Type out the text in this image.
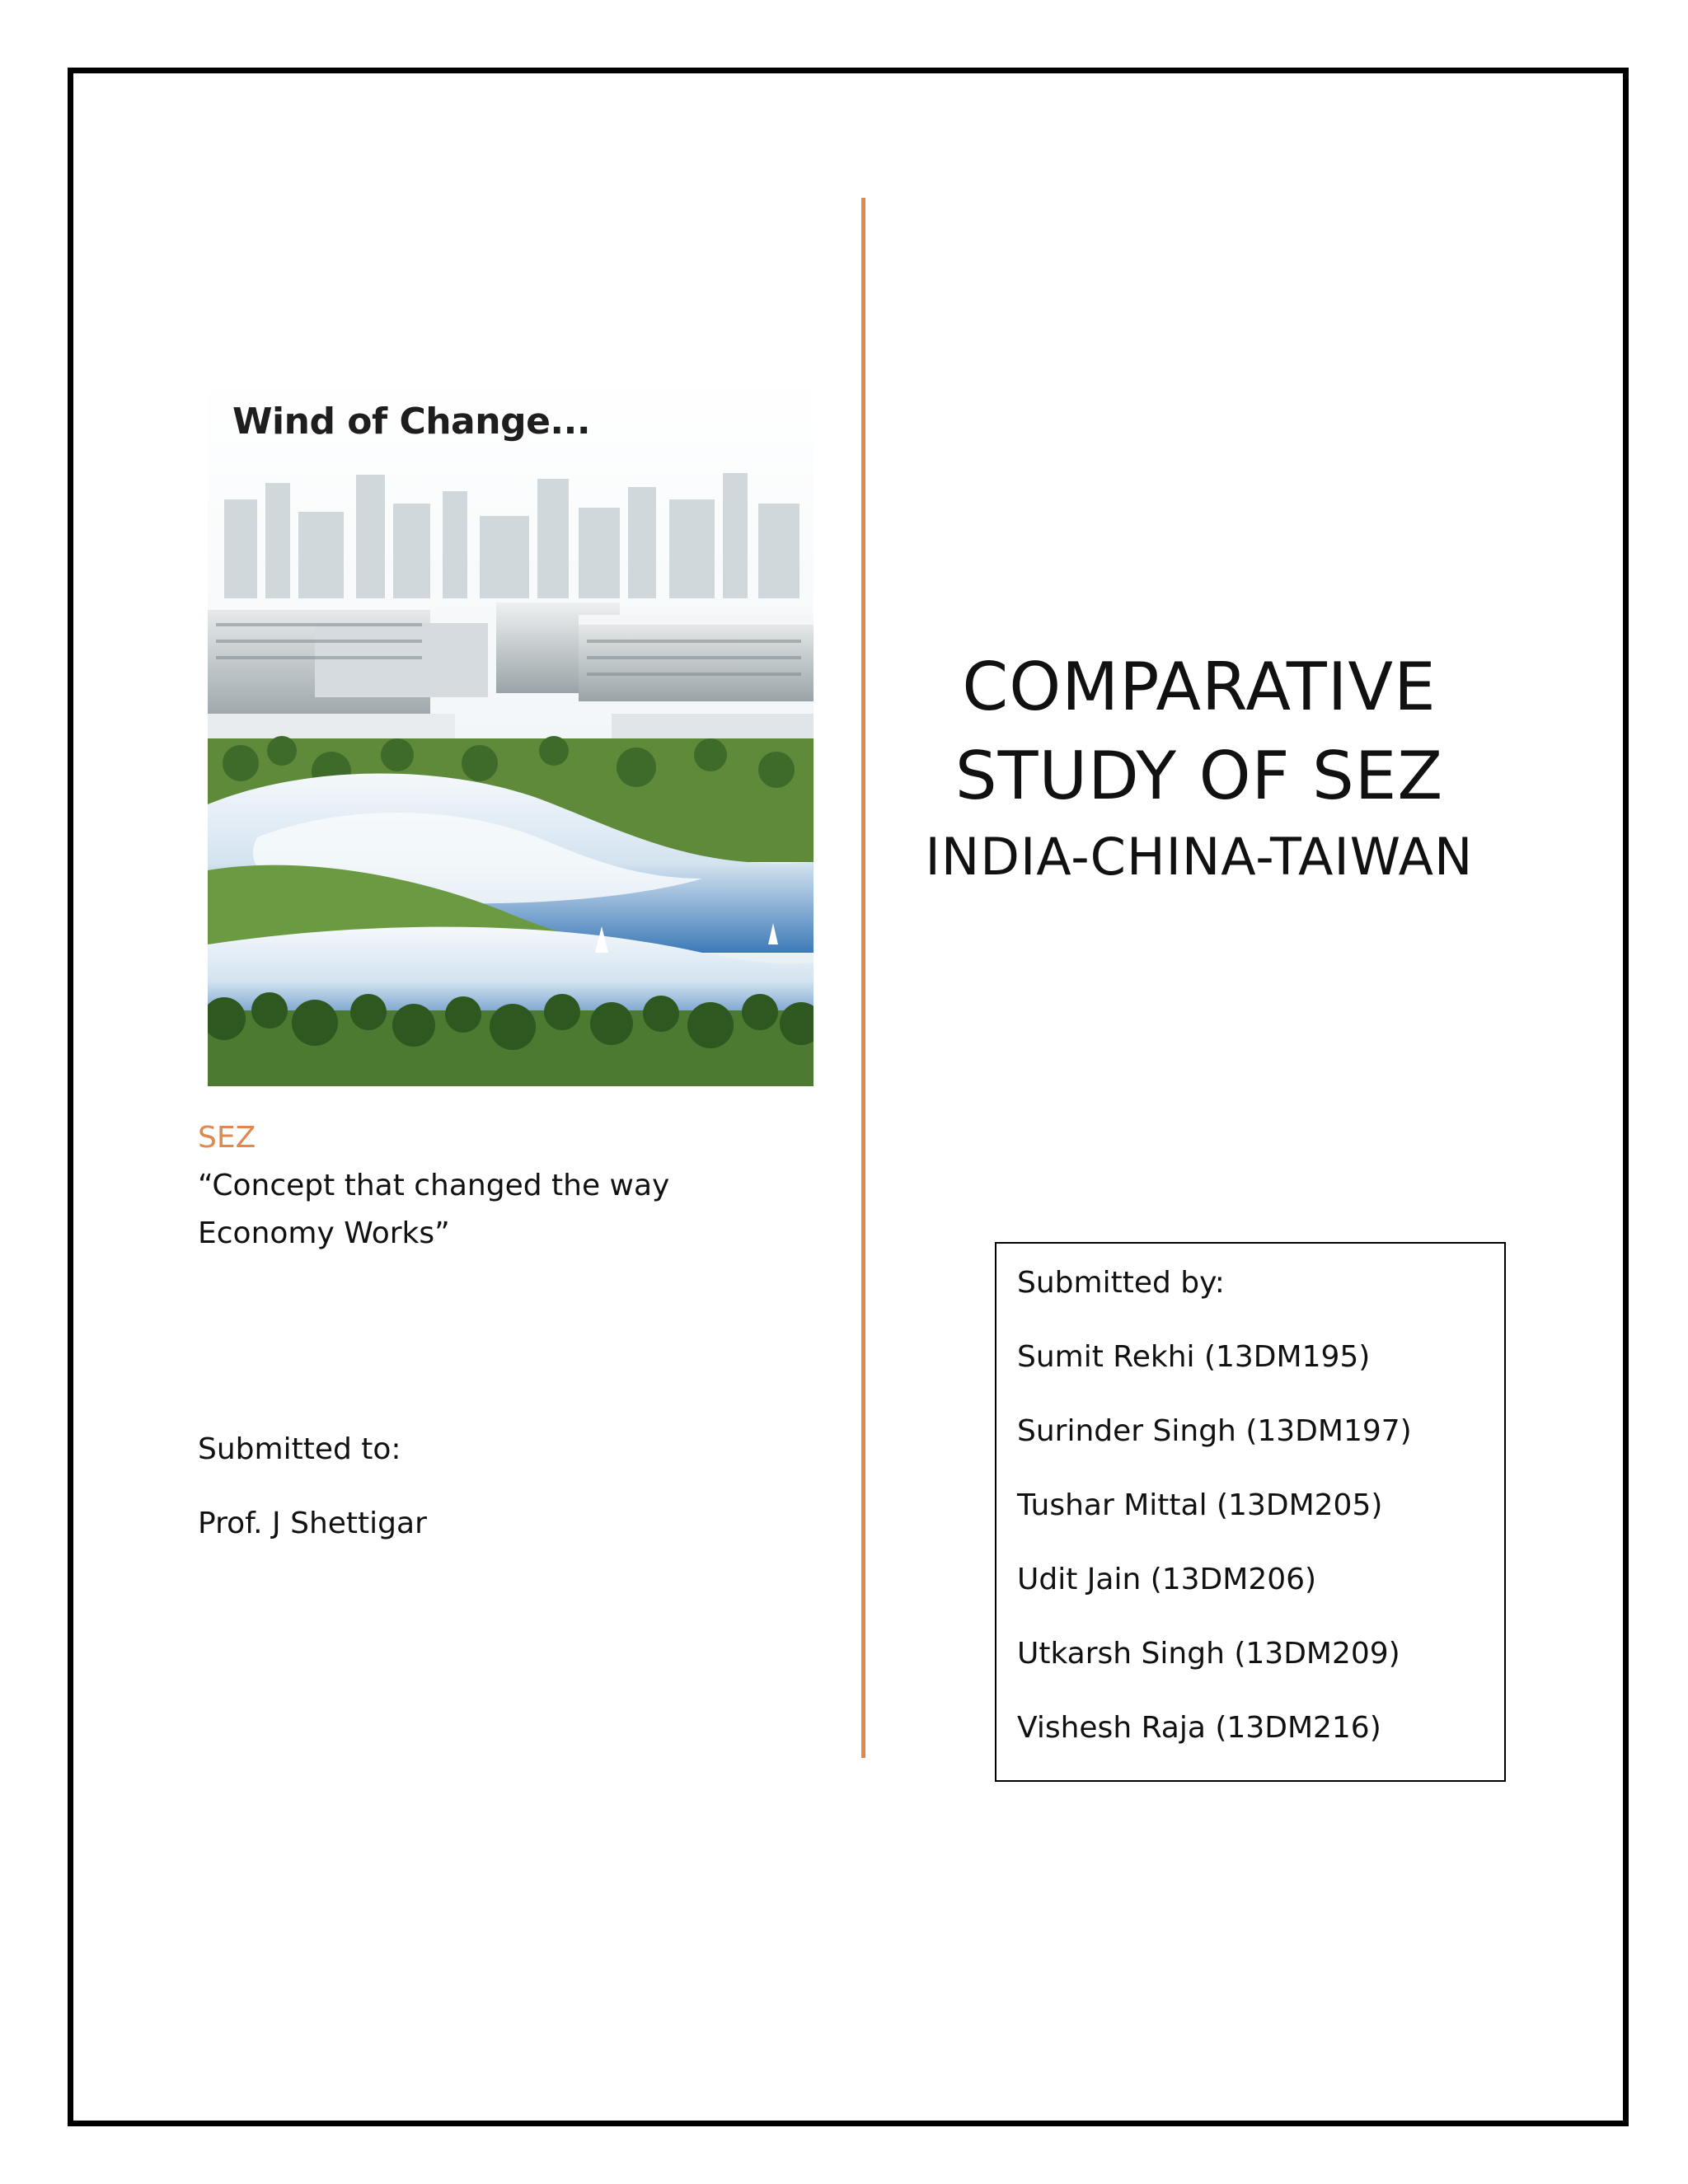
Wind of Change...
SEZ
“Concept that changed the way Economy Works”
Submitted to:
Prof. J Shettigar
COMPARATIVE
STUDY OF SEZ
INDIA-CHINA-TAIWAN
Submitted by:
Sumit Rekhi (13DM195)
Surinder Singh (13DM197)
Tushar Mittal (13DM205)
Udit Jain (13DM206)
Utkarsh Singh (13DM209)
Vishesh Raja (13DM216)
